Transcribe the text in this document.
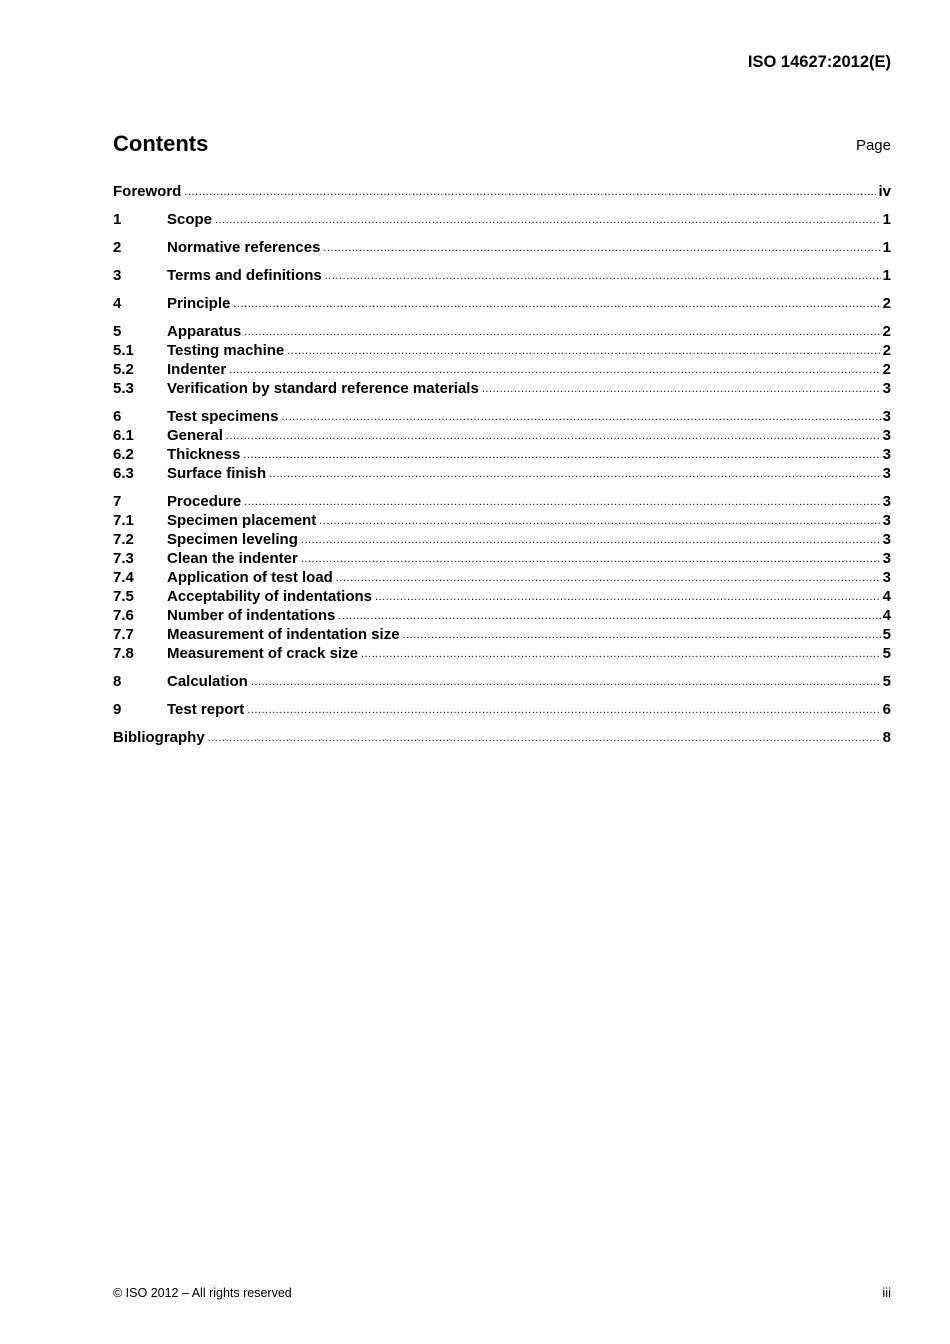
ISO 14627:2012(E)
Contents	Page
Foreword .....	iv
1	Scope .....	1
2	Normative references .....	1
3	Terms and definitions .....	1
4	Principle .....	2
5	Apparatus .....	2
5.1	Testing machine .....	2
5.2	Indenter .....	2
5.3	Verification by standard reference materials .....	3
6	Test specimens .....	3
6.1	General .....	3
6.2	Thickness .....	3
6.3	Surface finish .....	3
7	Procedure .....	3
7.1	Specimen placement .....	3
7.2	Specimen leveling .....	3
7.3	Clean the indenter .....	3
7.4	Application of test load .....	3
7.5	Acceptability of indentations .....	4
7.6	Number of indentations .....	4
7.7	Measurement of indentation size .....	5
7.8	Measurement of crack size .....	5
8	Calculation .....	5
9	Test report .....	6
Bibliography .....	8
© ISO 2012 – All rights reserved	iii
